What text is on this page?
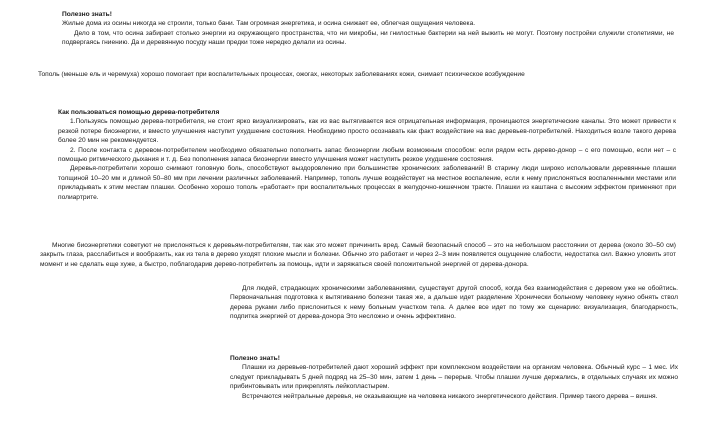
Полезно знать!

Жилые дома из осины никогда не строили, только бани. Там огромная энергетика, и осина снижает ее, облегчая ощущения человека.

Дело в том, что осина забирает столько энергии из окружающего пространства, что ни микробы, ни гнилостные бактерии на ней выжить не могут. Поэтому постройки служили столетиями, не подвергаясь гниению. Да и деревянную посуду наши предки тоже нередко делали из осины.

Тополь (меньше ель и черемуха) хорошо помогает при воспалительных процессах, ожогах, некоторых заболеваниях кожи, снимает психическое возбуждение

Как пользоваться помощью дерева-потребителя

1.Пользуясь помощью дерева-потребителя, не стоит ярко визуализировать, как из вас вытягивается вся отрицательная информация, проницаются энергетические каналы. Это может привести к резкой потере биоэнергии, и вместо улучшения наступит ухудшение состояния. Необходимо просто осознавать как факт воздействие на вас деревьев-потребителей. Находиться возле такого дерева более 20 мин не рекомендуется.

2. После контакта с деревом-потребителем необходимо обязательно пополнить запас биоэнергии любым возможным способом: если рядом есть дерево-донор – с его помощью, если нет – с помощью ритмического дыхания и т. д. Без пополнения запаса биоэнергии вместо улучшения может наступить резкое ухудшение состояния.

Деревья-потребители хорошо снимают головную боль, способствуют выздоровлению при большинстве хронических заболеваний! В старину люди широко использовали деревянные плашки толщиной 10–20 мм и длиной 50–80 мм при лечении различных заболеваний. Например, тополь лучше воздействует на местное воспаление, если к нему прислоняться воспаленными местами или прикладывать к этим местам плашки. Особенно хорошо тополь «работает» при воспалительных процессах в желудочно-кишечном тракте. Плашки из каштана с высоким эффектом применяют при полиартрите.

Многие биоэнергетики советуют не прислоняться к деревьям-потребителям, так как это может причинить вред. Самый безопасный способ – это на небольшом расстоянии от дерева (около 30–50 см) закрыть глаза, расслабиться и вообразить, как из тела в дерево уходят плохие мысли и болезни. Обычно это работает и через 2–3 мин появляется ощущение слабости, недостатка сил. Важно уловить этот момент и не сделать еще хуже, а быстро, поблагодарив дерево-потребитель за помощь, идти и заряжаться своей положительной энергией от дерева-донора.

Для людей, страдающих хроническими заболеваниями, существует другой способ, когда без взаимодействия с деревом уже не обойтись. Первоначальная подготовка к вытягиванию болезни такая же, а дальше идет разделение Хронически больному человеку нужно обнять ствол дерева руками либо прислониться к нему больным участком тела. А далее все идет по тому же сценарию: визуализация, благодарность, подпитка энергией от дерева-донора Это несложно и очень эффективно.

Полезно знать!

Плашки из деревьев-потребителей дают хороший эффект при комплексном воздействии на организм человека. Обычный курс – 1 мес. Их следует прикладывать 5 дней подряд на 25–30 мин, затем 1 день – перерыв. Чтобы плашки лучше держались, в отдельных случаях их можно прибинтовывать или прикреплять лейкопластырем.

Встречаются нейтральные деревья, не оказывающие на человека никакого энергетического действия. Пример такого дерева – вишня.
